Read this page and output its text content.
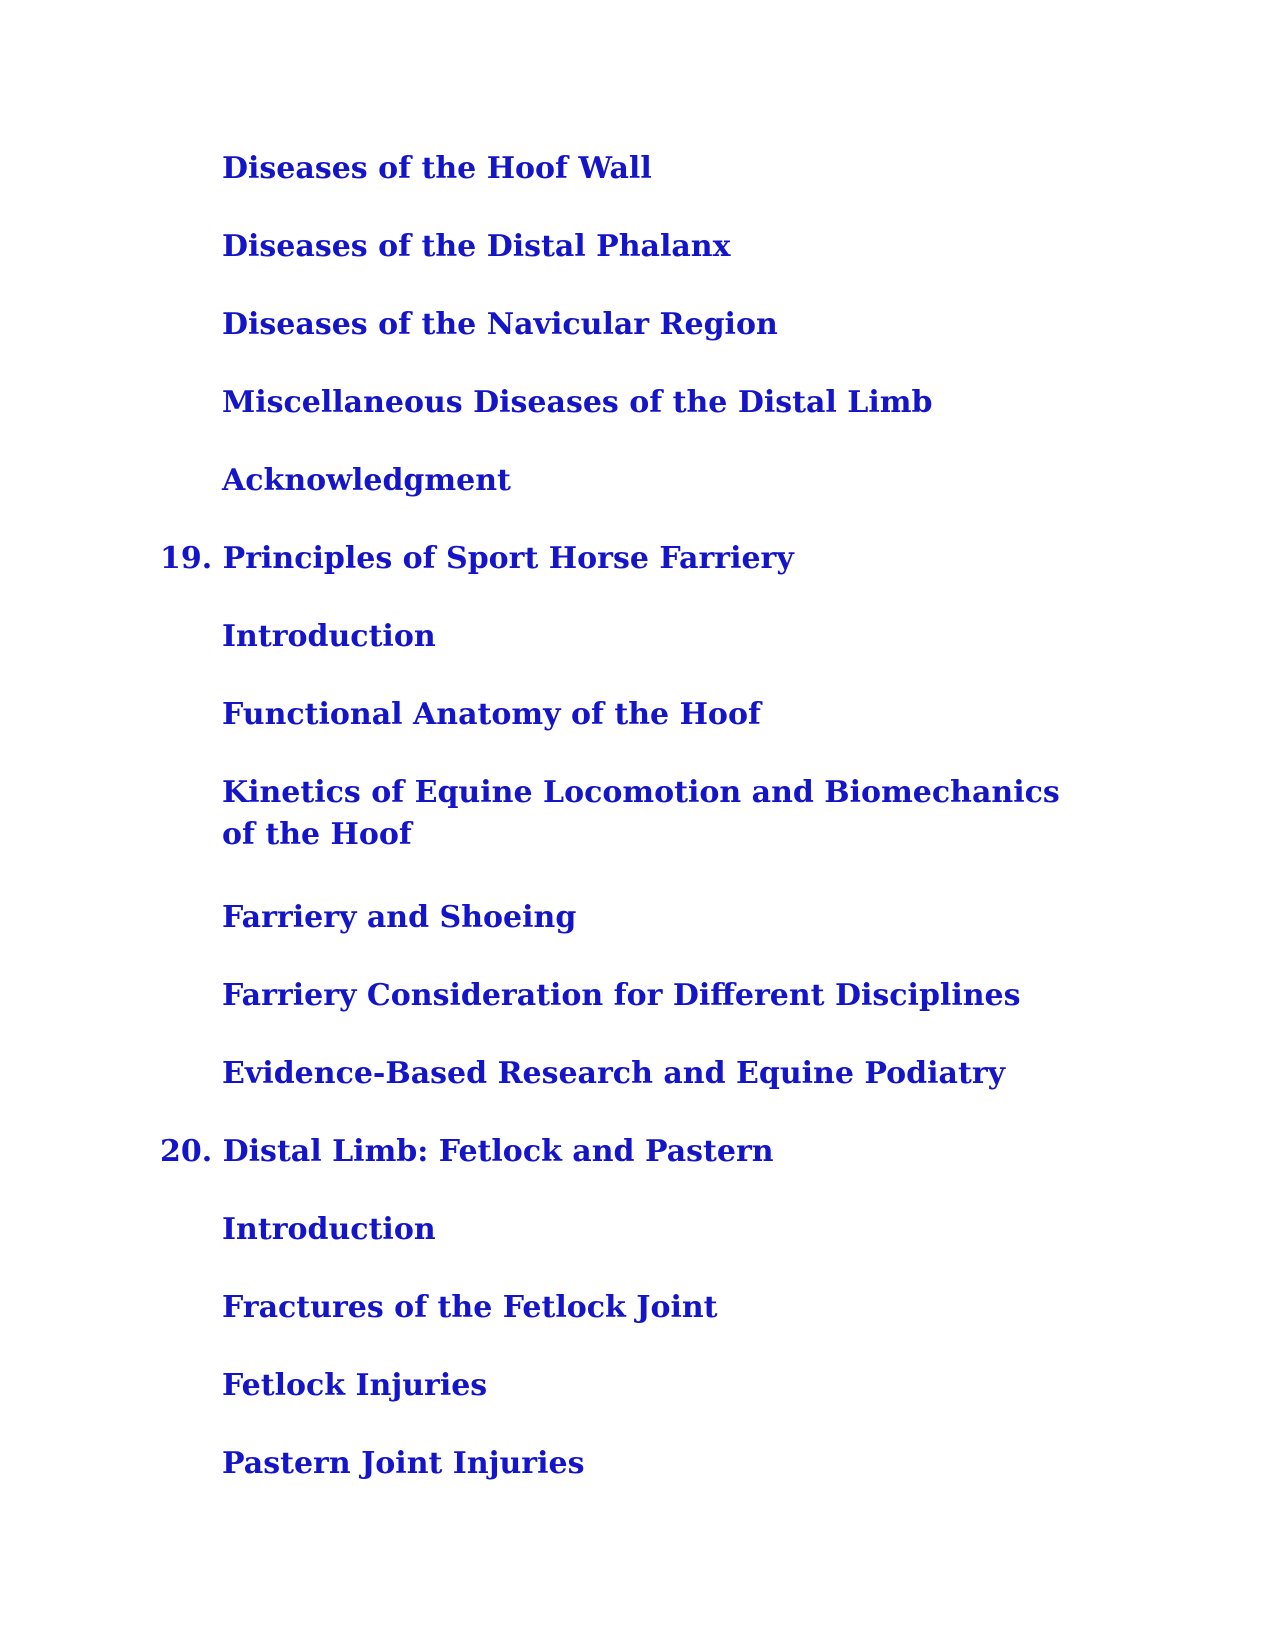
Diseases of the Hoof Wall
Diseases of the Distal Phalanx
Diseases of the Navicular Region
Miscellaneous Diseases of the Distal Limb
Acknowledgment
19. Principles of Sport Horse Farriery
Introduction
Functional Anatomy of the Hoof
Kinetics of Equine Locomotion and Biomechanics of the Hoof
Farriery and Shoeing
Farriery Consideration for Different Disciplines
Evidence-Based Research and Equine Podiatry
20. Distal Limb: Fetlock and Pastern
Introduction
Fractures of the Fetlock Joint
Fetlock Injuries
Pastern Joint Injuries
